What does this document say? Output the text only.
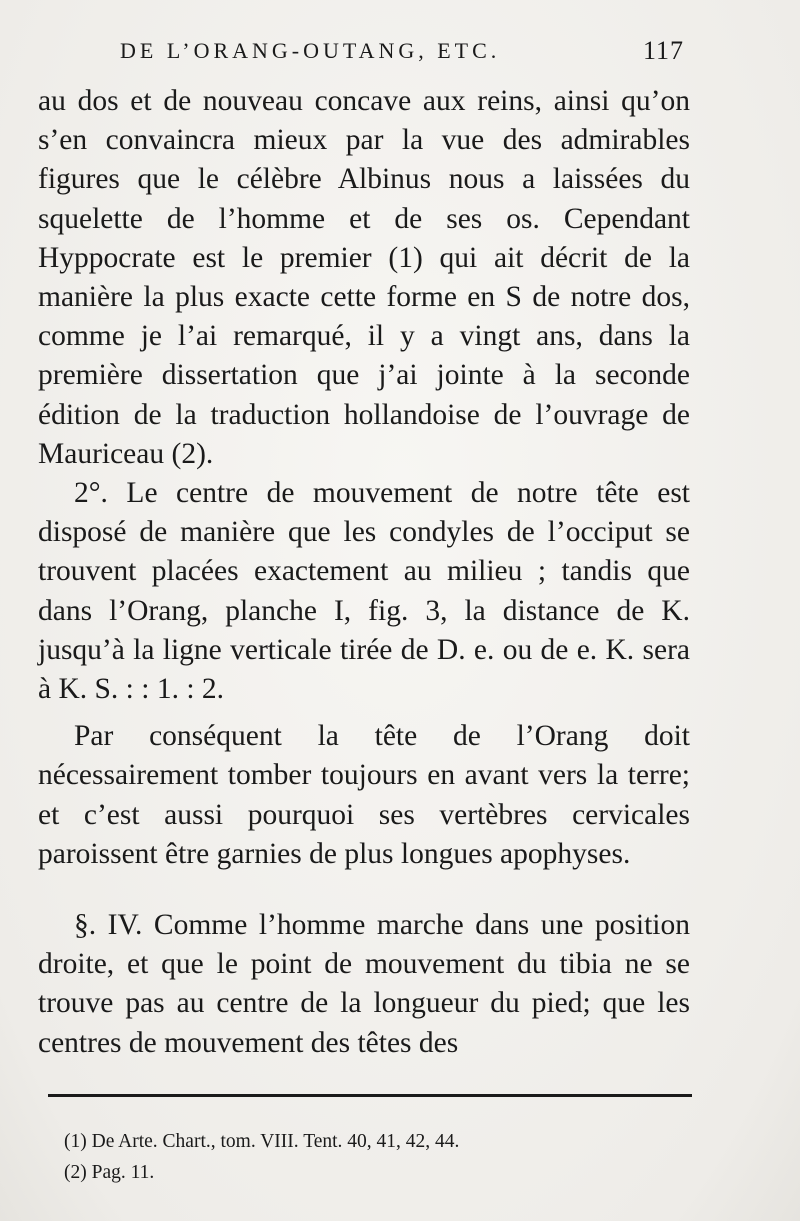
DE L’ORANG-OUTANG, ETC.	117

au dos et de nouveau concave aux reins, ainsi qu’on s’en convaincra mieux par la vue des admirables figures que le célèbre Albinus nous a laissées du squelette de l’homme et de ses os. Cependant Hyppocrate est le premier (1) qui ait décrit de la manière la plus exacte cette forme en S de notre dos, comme je l’ai remarqué, il y a vingt ans, dans la première dissertation que j’ai jointe à la seconde édition de la traduction hollandoise de l’ouvrage de Mauriceau (2).

2°. Le centre de mouvement de notre tête est disposé de manière que les condyles de l’occiput se trouvent placées exactement au milieu ; tandis que dans l’Orang, planche I, fig. 3, la distance de K. jusqu’à la ligne verticale tirée de D. e. ou de e. K. sera à K. S. : : 1. : 2.

Par conséquent la tête de l’Orang doit nécessairement tomber toujours en avant vers la terre; et c’est aussi pourquoi ses vertèbres cervicales paroissent être garnies de plus longues apophyses.

§. IV. Comme l’homme marche dans une position droite, et que le point de mouvement du tibia ne se trouve pas au centre de la longueur du pied; que les centres de mouvement des têtes des

(1) De Arte. Chart., tom. VIII. Tent. 40, 41, 42, 44.

(2) Pag. 11.
